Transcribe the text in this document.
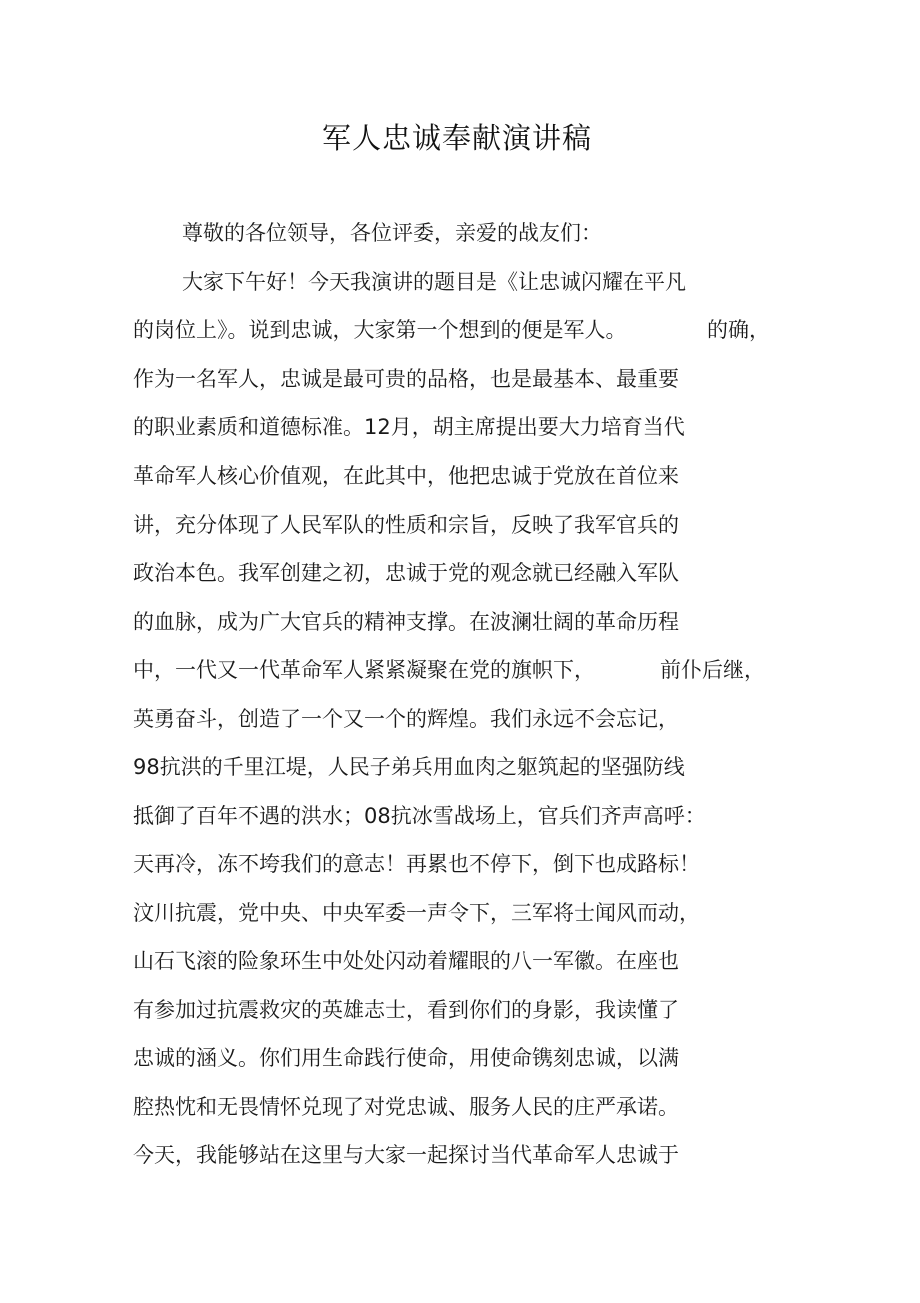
军人忠诚奉献演讲稿
尊敬的各位领导，各位评委，亲爱的战友们：
大家下午好！今天我演讲的题目是《让忠诚闪耀在平凡
的岗位上》。说到忠诚，大家第一个想到的便是军人。	的确，
作为一名军人，忠诚是最可贵的品格，也是最基本、最重要
的职业素质和道德标准。12月，胡主席提出要大力培育当代
革命军人核心价值观，在此其中，他把忠诚于党放在首位来
讲，充分体现了人民军队的性质和宗旨，反映了我军官兵的
政治本色。我军创建之初，忠诚于党的观念就已经融入军队
的血脉，成为广大官兵的精神支撑。在波澜壮阔的革命历程
中，一代又一代革命军人紧紧凝聚在党的旗帜下，	前仆后继，
英勇奋斗，创造了一个又一个的辉煌。我们永远不会忘记，
98抗洪的千里江堤，人民子弟兵用血肉之躯筑起的坚强防线
抵御了百年不遇的洪水；08抗冰雪战场上，官兵们齐声高呼：
天再冷，冻不垮我们的意志！再累也不停下，倒下也成路标！
汶川抗震，党中央、中央军委一声令下，三军将士闻风而动，
山石飞滚的险象环生中处处闪动着耀眼的八一军徽。在座也
有参加过抗震救灾的英雄志士，看到你们的身影，我读懂了
忠诚的涵义。你们用生命践行使命，用使命镌刻忠诚，以满
腔热忱和无畏情怀兑现了对党忠诚、服务人民的庄严承诺。
今天，我能够站在这里与大家一起探讨当代革命军人忠诚于
